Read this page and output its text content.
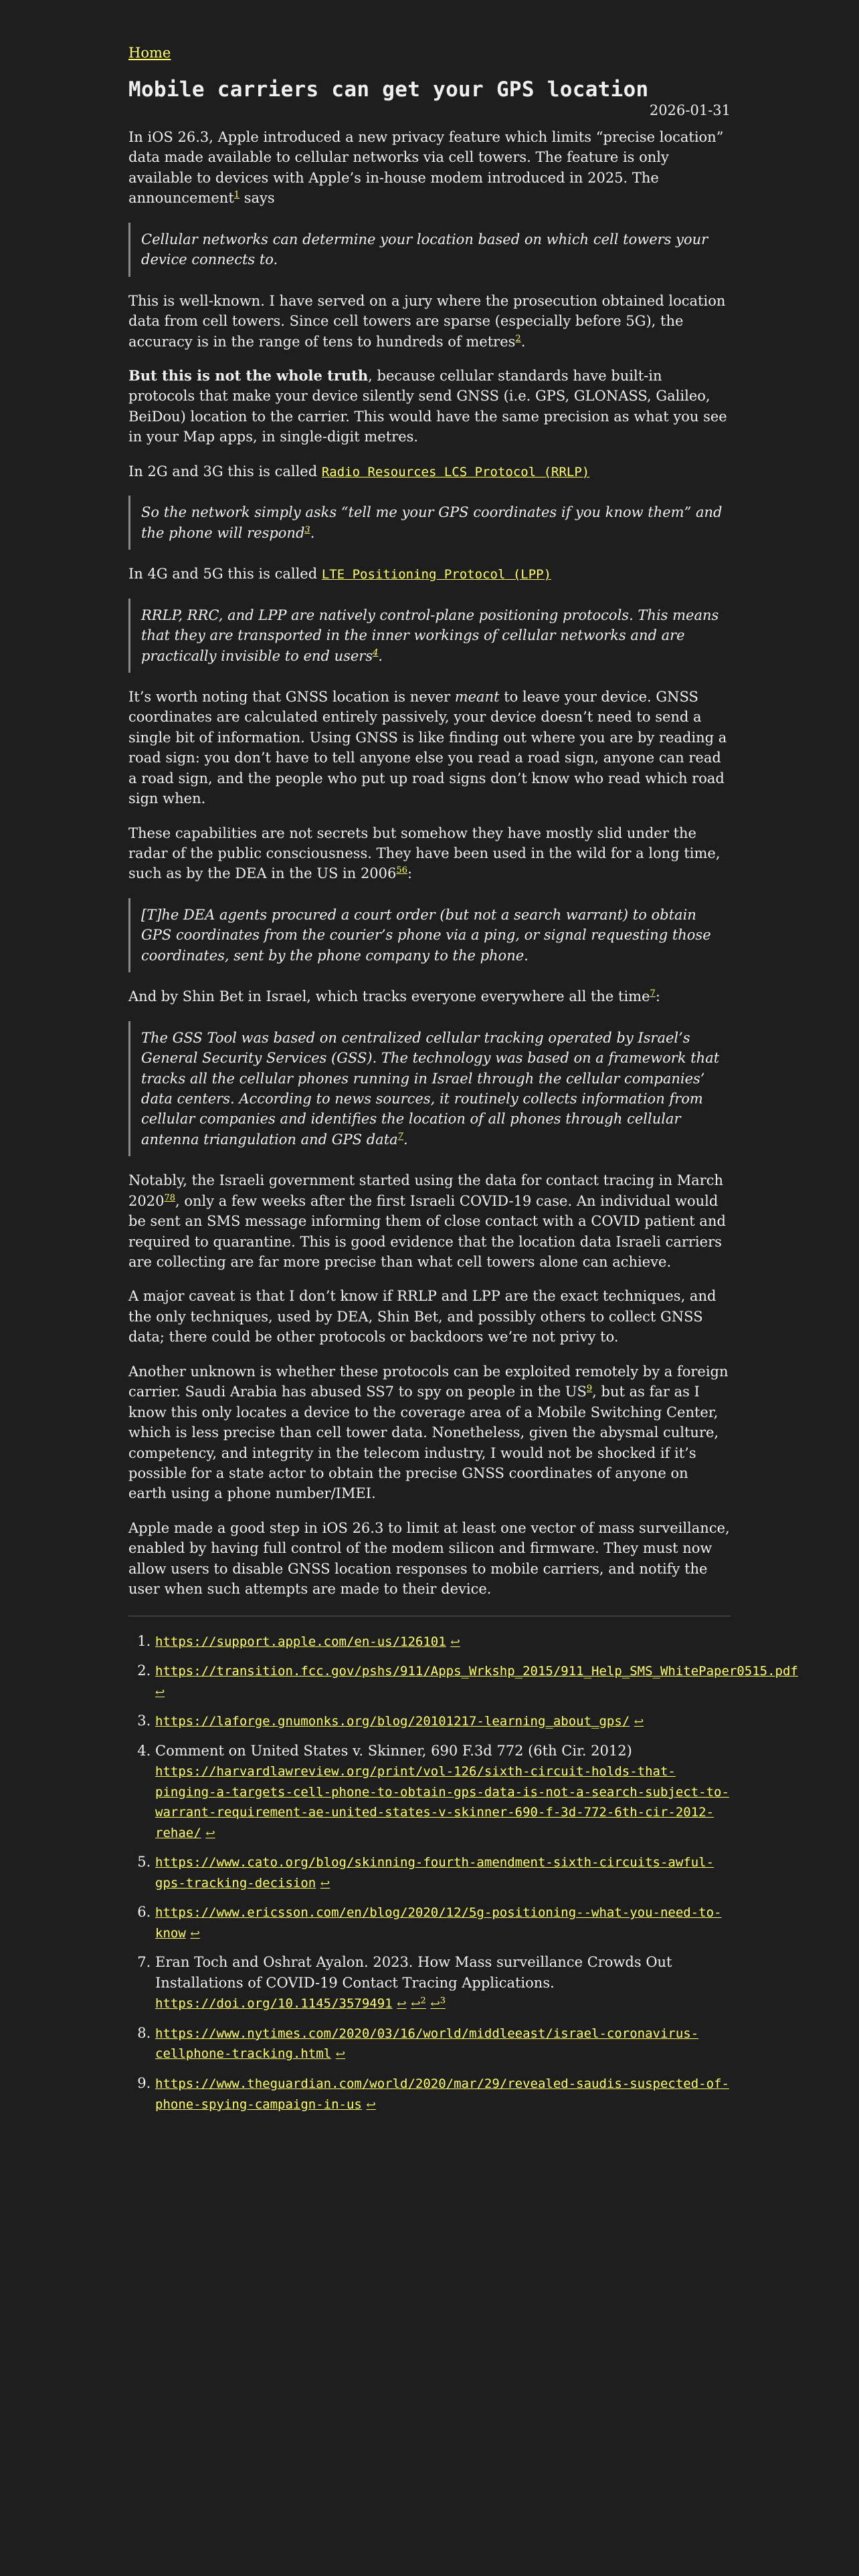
Home
Mobile carriers can get your GPS location
2026-01-31

In iOS 26.3, Apple introduced a new privacy feature which limits “precise location” data made available to cellular networks via cell towers. The feature is only available to devices with Apple’s in-house modem introduced in 2025. The announcement$^1$ says

Cellular networks can determine your location based on which cell towers your device connects to.

This is well-known. I have served on a jury where the prosecution obtained location data from cell towers. Since cell towers are sparse (especially before 5G), the accuracy is in the range of tens to hundreds of metres$^2$.

But this is not the whole truth, because cellular standards have built-in protocols that make your device silently send GNSS (i.e. GPS, GLONASS, Galileo, BeiDou) location to the carrier. This would have the same precision as what you see in your Map apps, in single-digit metres.

In 2G and 3G this is called Radio Resources LCS Protocol (RRLP)

So the network simply asks “tell me your GPS coordinates if you know them” and the phone will respond$^3$.

In 4G and 5G this is called LTE Positioning Protocol (LPP)

RRLP, RRC, and LPP are natively control-plane positioning protocols. This means that they are transported in the inner workings of cellular networks and are practically invisible to end users$^4$.

It’s worth noting that GNSS location is never meant to leave your device. GNSS coordinates are calculated entirely passively, your device doesn’t need to send a single bit of information. Using GNSS is like finding out where you are by reading a road sign: you don’t have to tell anyone else you read a road sign, anyone can read a road sign, and the people who put up road signs don’t know who read which road sign when.

These capabilities are not secrets but somehow they have mostly slid under the radar of the public consciousness. They have been used in the wild for a long time, such as by the DEA in the US in 2006$^{56}$:

[T]he DEA agents procured a court order (but not a search warrant) to obtain GPS coordinates from the courier’s phone via a ping, or signal requesting those coordinates, sent by the phone company to the phone.

And by Shin Bet in Israel, which tracks everyone everywhere all the time$^7$:

The GSS Tool was based on centralized cellular tracking operated by Israel’s General Security Services (GSS). The technology was based on a framework that tracks all the cellular phones running in Israel through the cellular companies’ data centers. According to news sources, it routinely collects information from cellular companies and identifies the location of all phones through cellular antenna triangulation and GPS data$^7$.

Notably, the Israeli government started using the data for contact tracing in March 2020$^{78}$, only a few weeks after the first Israeli COVID-19 case. An individual would be sent an SMS message informing them of close contact with a COVID patient and required to quarantine. This is good evidence that the location data Israeli carriers are collecting are far more precise than what cell towers alone can achieve.

A major caveat is that I don’t know if RRLP and LPP are the exact techniques, and the only techniques, used by DEA, Shin Bet, and possibly others to collect GNSS data; there could be other protocols or backdoors we’re not privy to.

Another unknown is whether these protocols can be exploited remotely by a foreign carrier. Saudi Arabia has abused SS7 to spy on people in the US$^9$, but as far as I know this only locates a device to the coverage area of a Mobile Switching Center, which is less precise than cell tower data. Nonetheless, given the abysmal culture, competency, and integrity in the telecom industry, I would not be shocked if it’s possible for a state actor to obtain the precise GNSS coordinates of anyone on earth using a phone number/IMEI.

Apple made a good step in iOS 26.3 to limit at least one vector of mass surveillance, enabled by having full control of the modem silicon and firmware. They must now allow users to disable GNSS location responses to mobile carriers, and notify the user when such attempts are made to their device.

1. https://support.apple.com/en-us/126101 ↩
2. https://transition.fcc.gov/pshs/911/Apps_Wrkshp_2015/911_Help_SMS_WhitePaper0515.pdf ↩
3. https://laforge.gnumonks.org/blog/20101217-learning_about_gps/ ↩
4. Comment on United States v. Skinner, 690 F.3d 772 (6th Cir. 2012) https://harvardlawreview.org/print/vol-126/sixth-circuit-holds-that-pinging-a-targets-cell-phone-to-obtain-gps-data-is-not-a-search-subject-to-warrant-requirement-ae-united-states-v-skinner-690-f-3d-772-6th-cir-2012-rehae/ ↩
5. https://www.cato.org/blog/skinning-fourth-amendment-sixth-circuits-awful-gps-tracking-decision ↩
6. https://www.ericsson.com/en/blog/2020/12/5g-positioning--what-you-need-to-know ↩
7. Eran Toch and Oshrat Ayalon. 2023. How Mass surveillance Crowds Out Installations of COVID-19 Contact Tracing Applications. https://doi.org/10.1145/3579491 ↩ ↩$^2$ ↩$^3$
8. https://www.nytimes.com/2020/03/16/world/middleeast/israel-coronavirus-cellphone-tracking.html ↩
9. https://www.theguardian.com/world/2020/mar/29/revealed-saudis-suspected-of-phone-spying-campaign-in-us ↩
